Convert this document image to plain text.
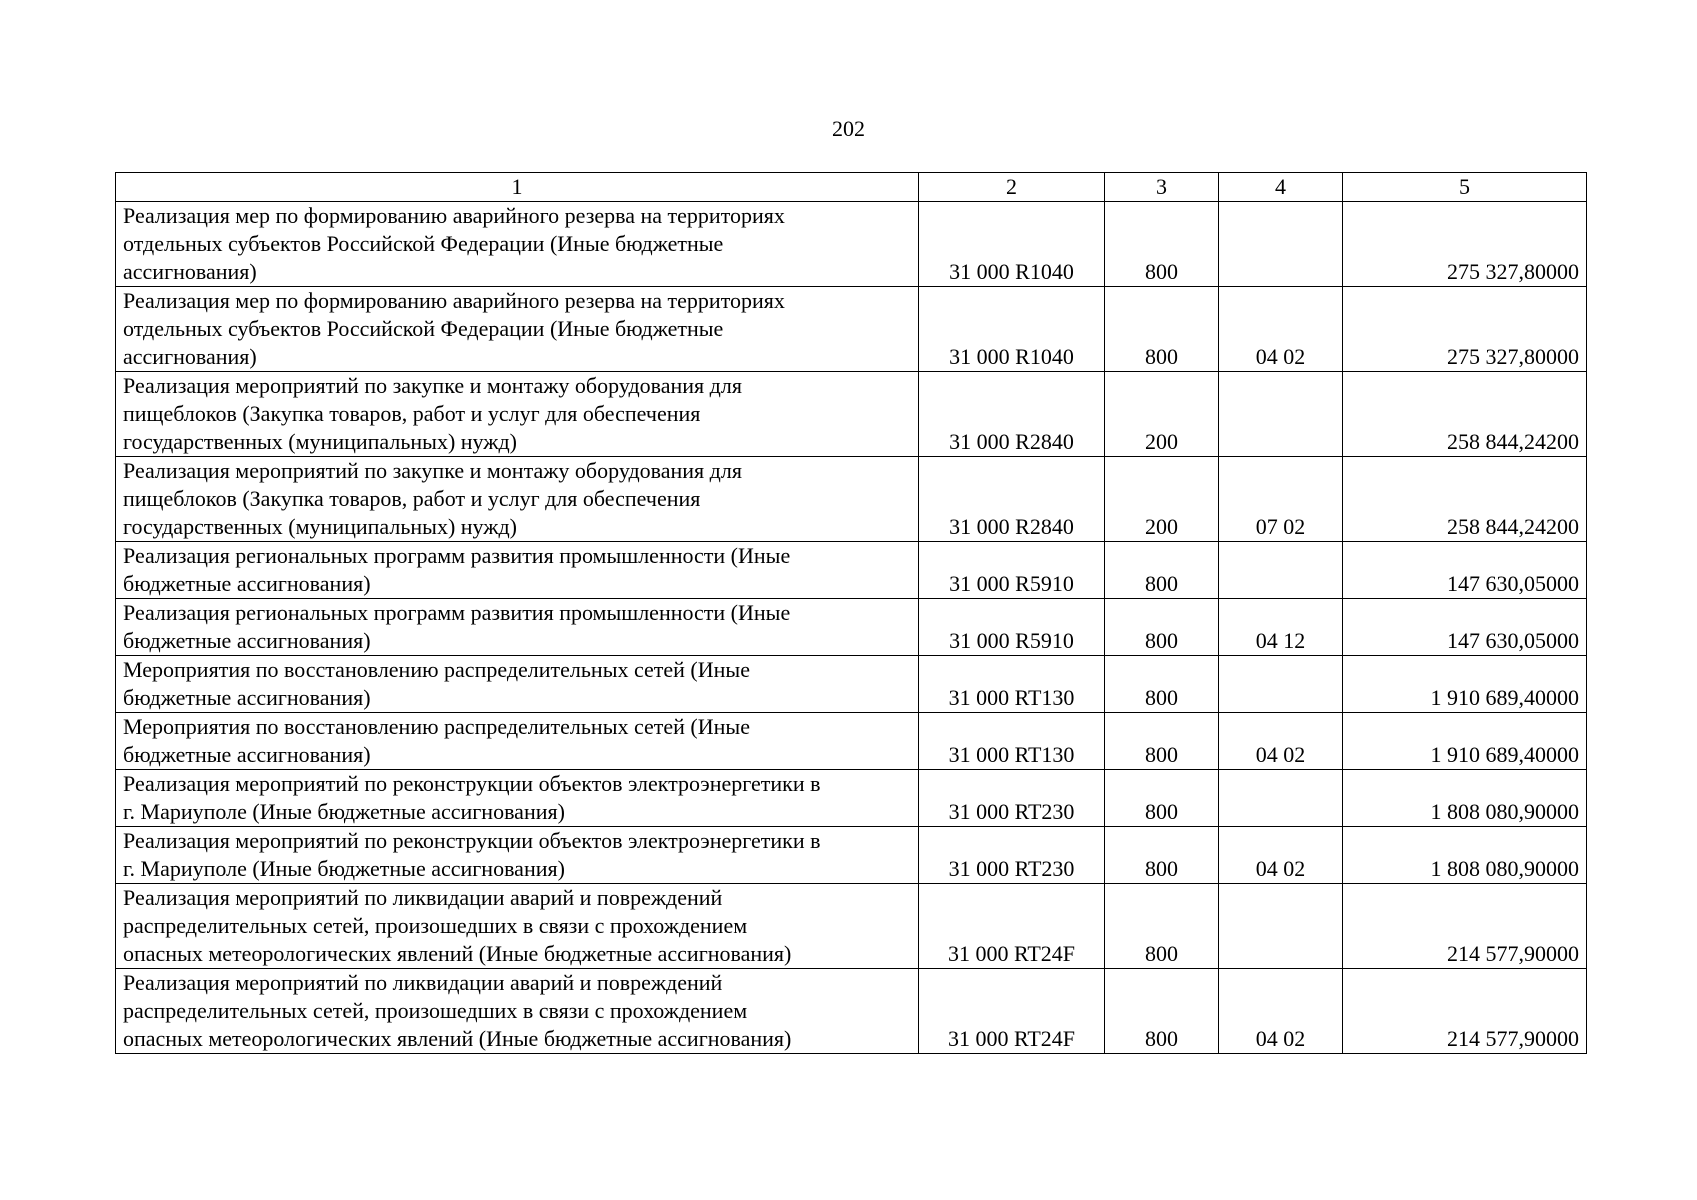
202
1	2	3	4	5

Реализация мер по формированию аварийного резерва на территориях
отдельных субъектов Российской Федерации (Иные бюджетные
ассигнования)	31 000 R1040	800		275 327,80000

Реализация мер по формированию аварийного резерва на территориях
отдельных субъектов Российской Федерации (Иные бюджетные
ассигнования)	31 000 R1040	800	04 02	275 327,80000

Реализация мероприятий по закупке и монтажу оборудования для
пищеблоков (Закупка товаров, работ и услуг для обеспечения
государственных (муниципальных) нужд)	31 000 R2840	200		258 844,24200

Реализация мероприятий по закупке и монтажу оборудования для
пищеблоков (Закупка товаров, работ и услуг для обеспечения
государственных (муниципальных) нужд)	31 000 R2840	200	07 02	258 844,24200

Реализация региональных программ развития промышленности (Иные
бюджетные ассигнования)	31 000 R5910	800		147 630,05000

Реализация региональных программ развития промышленности (Иные
бюджетные ассигнования)	31 000 R5910	800	04 12	147 630,05000

Мероприятия по восстановлению распределительных сетей (Иные
бюджетные ассигнования)	31 000 RT130	800		1 910 689,40000

Мероприятия по восстановлению распределительных сетей (Иные
бюджетные ассигнования)	31 000 RT130	800	04 02	1 910 689,40000

Реализация мероприятий по реконструкции объектов электроэнергетики в
г. Мариуполе (Иные бюджетные ассигнования)	31 000 RT230	800		1 808 080,90000

Реализация мероприятий по реконструкции объектов электроэнергетики в
г. Мариуполе (Иные бюджетные ассигнования)	31 000 RT230	800	04 02	1 808 080,90000

Реализация мероприятий по ликвидации аварий и повреждений
распределительных сетей, произошедших в связи с прохождением
опасных метеорологических явлений (Иные бюджетные ассигнования)	31 000 RT24F	800		214 577,90000

Реализация мероприятий по ликвидации аварий и повреждений
распределительных сетей, произошедших в связи с прохождением
опасных метеорологических явлений (Иные бюджетные ассигнования)	31 000 RT24F	800	04 02	214 577,90000
